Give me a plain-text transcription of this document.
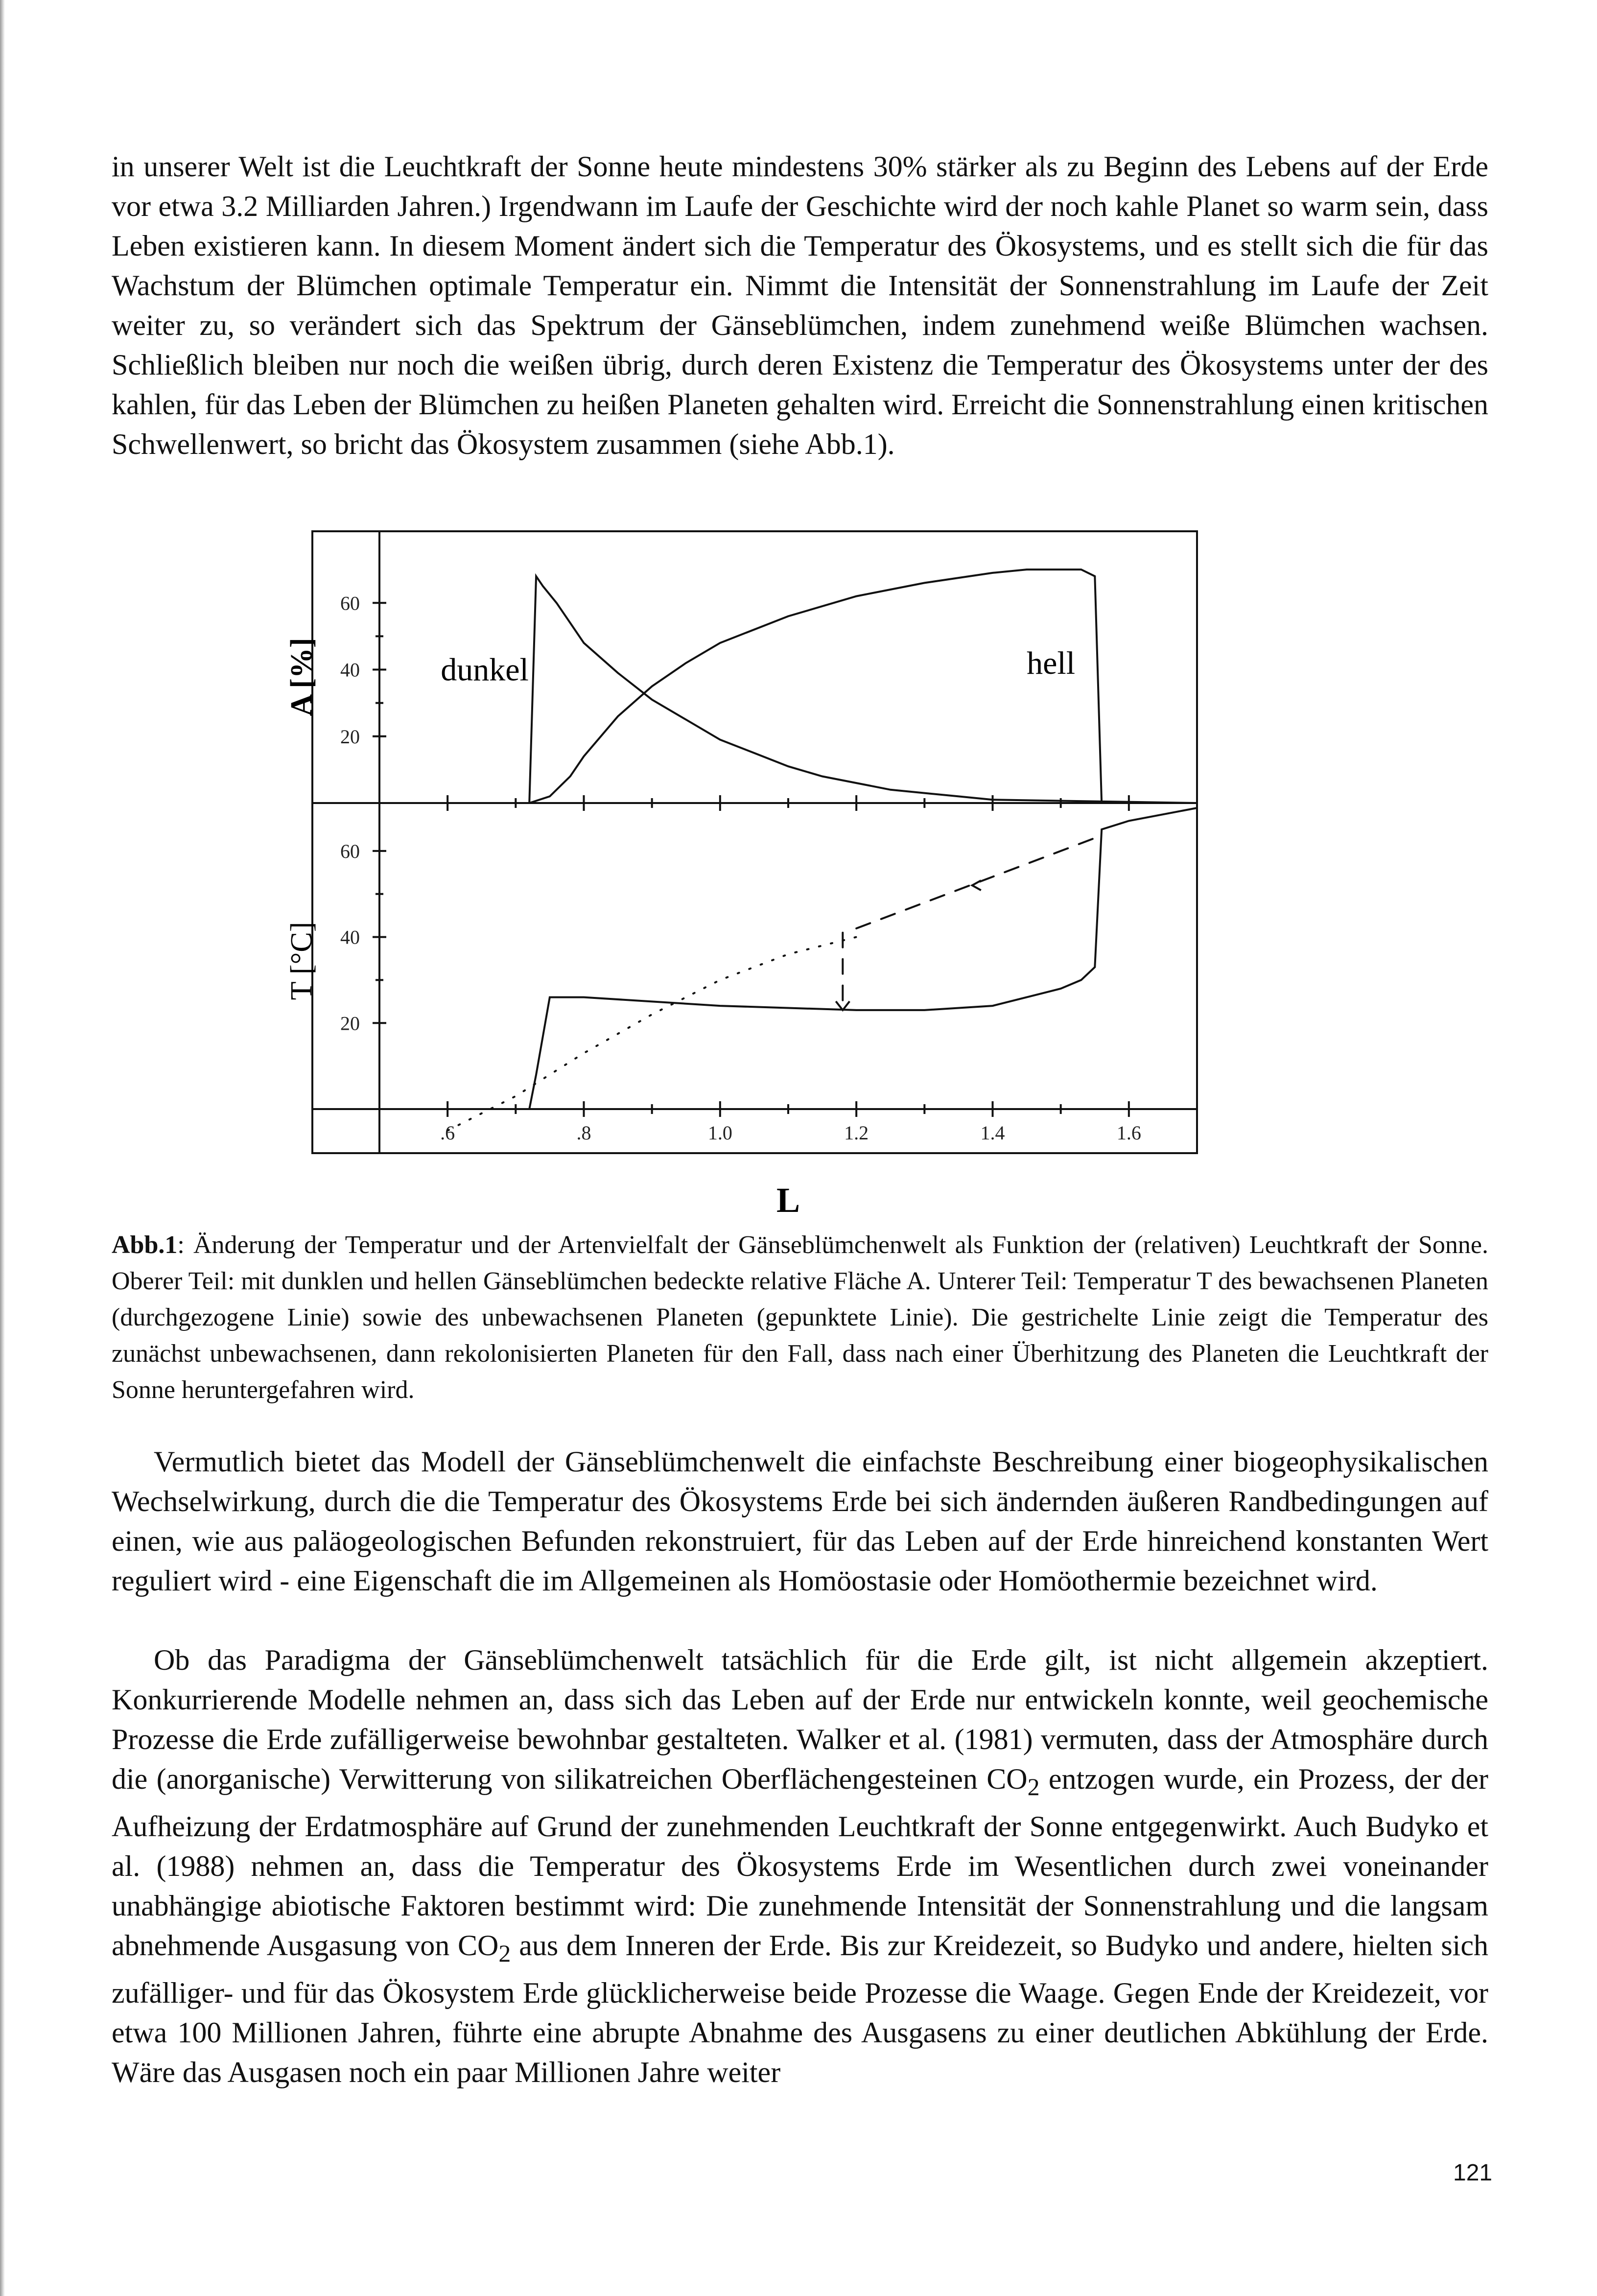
in unserer Welt ist die Leuchtkraft der Sonne heute mindestens 30% stärker als zu Beginn des Lebens auf der Erde vor etwa 3.2 Milliarden Jahren.) Irgendwann im Laufe der Geschichte wird der noch kahle Planet so warm sein, dass Leben existieren kann. In diesem Moment ändert sich die Temperatur des Ökosystems, und es stellt sich die für das Wachstum der Blümchen optimale Temperatur ein. Nimmt die Intensität der Sonnenstrahlung im Laufe der Zeit weiter zu, so verändert sich das Spektrum der Gänseblümchen, indem zunehmend weiße Blümchen wachsen. Schließlich bleiben nur noch die weißen übrig, durch deren Existenz die Temperatur des Ökosystems unter der des kahlen, für das Leben der Blümchen zu heißen Planeten gehalten wird. Erreicht die Sonnenstrahlung einen kritischen Schwellenwert, so bricht das Ökosystem zusammen (siehe Abb.1).

20
40
60
20
40
60
A [%]
T [°C]
.6	.8	1.0	1.2	1.4	1.6
L
dunkel	hell

Abb.1: Änderung der Temperatur und der Artenvielfalt der Gänseblümchenwelt als Funktion der (relativen) Leuchtkraft der Sonne. Oberer Teil: mit dunklen und hellen Gänseblümchen bedeckte relative Fläche A. Unterer Teil: Temperatur T des bewachsenen Planeten (durchgezogene Linie) sowie des unbewachsenen Planeten (gepunktete Linie). Die gestrichelte Linie zeigt die Temperatur des zunächst unbewachsenen, dann rekolonisierten Planeten für den Fall, dass nach einer Überhitzung des Planeten die Leuchtkraft der Sonne heruntergefahren wird.

Vermutlich bietet das Modell der Gänseblümchenwelt die einfachste Beschreibung einer biogeophysikalischen Wechselwirkung, durch die die Temperatur des Ökosystems Erde bei sich ändernden äußeren Randbedingungen auf einen, wie aus paläogeologischen Befunden rekonstruiert, für das Leben auf der Erde hinreichend konstanten Wert reguliert wird - eine Eigenschaft die im Allgemeinen als Homöostasie oder Homöothermie bezeichnet wird.

Ob das Paradigma der Gänseblümchenwelt tatsächlich für die Erde gilt, ist nicht allgemein akzeptiert. Konkurrierende Modelle nehmen an, dass sich das Leben auf der Erde nur entwickeln konnte, weil geochemische Prozesse die Erde zufälligerweise bewohnbar gestalteten. Walker et al. (1981) vermuten, dass der Atmosphäre durch die (anorganische) Verwitterung von silikatreichen Oberflächengesteinen $CO_2$ entzogen wurde, ein Prozess, der der Aufheizung der Erdatmosphäre auf Grund der zunehmenden Leuchtkraft der Sonne entgegenwirkt. Auch Budyko et al. (1988) nehmen an, dass die Temperatur des Ökosystems Erde im Wesentlichen durch zwei voneinander unabhängige abiotische Faktoren bestimmt wird: Die zunehmende Intensität der Sonnenstrahlung und die langsam abnehmende Ausgasung von $CO_2$ aus dem Inneren der Erde. Bis zur Kreidezeit, so Budyko und andere, hielten sich zufälliger- und für das Ökosystem Erde glücklicherweise beide Prozesse die Waage. Gegen Ende der Kreidezeit, vor etwa 100 Millionen Jahren, führte eine abrupte Abnahme des Ausgasens zu einer deutlichen Abkühlung der Erde. Wäre das Ausgasen noch ein paar Millionen Jahre weiter

121
